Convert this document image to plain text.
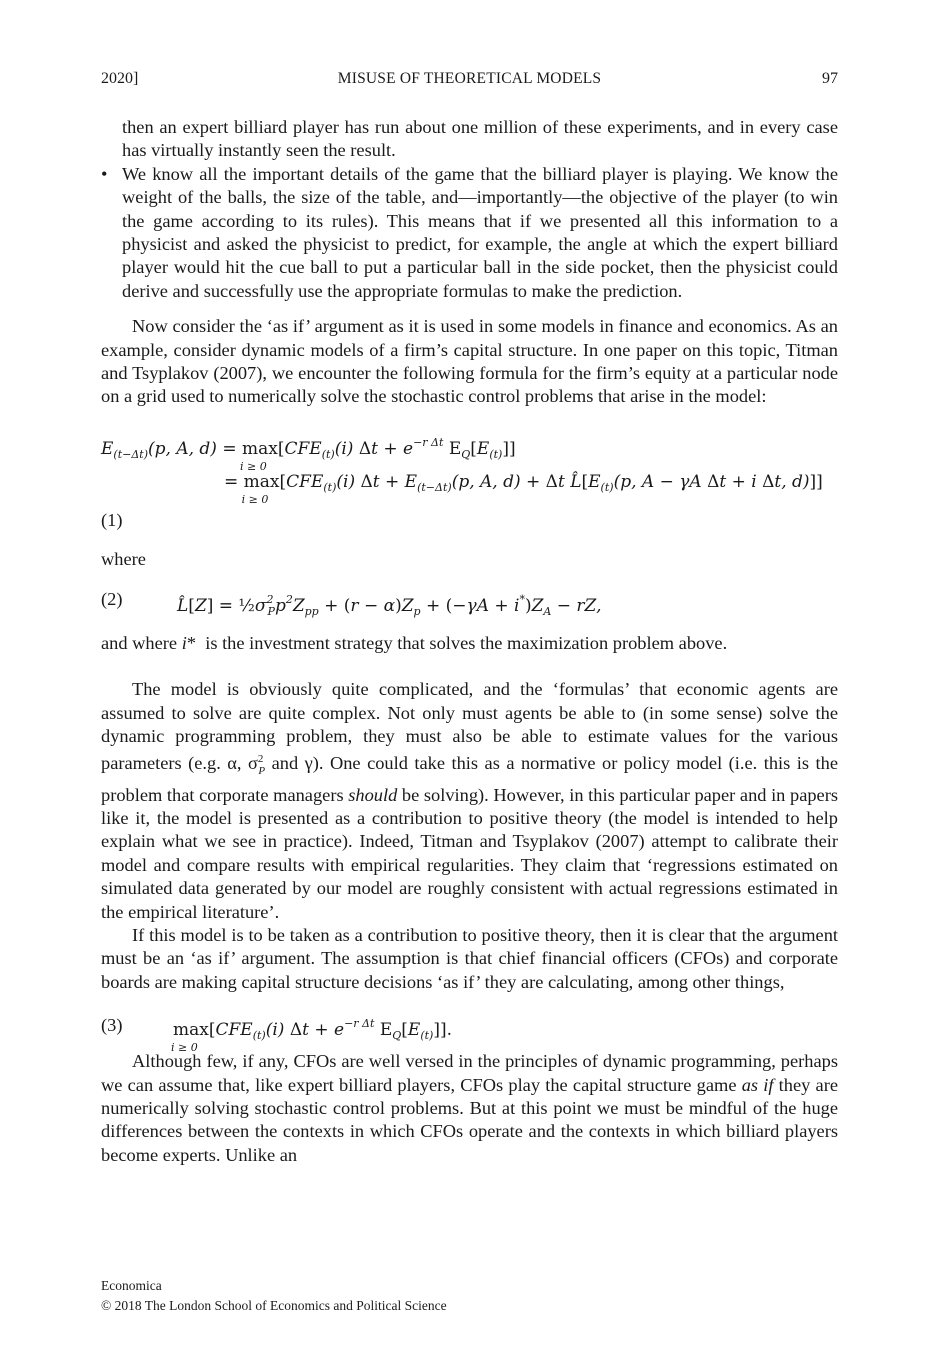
2020]	MISUSE OF THEORETICAL MODELS	97

then an expert billiard player has run about one million of these experiments, and in every case has virtually instantly seen the result.

• We know all the important details of the game that the billiard player is playing. We know the weight of the balls, the size of the table, and—importantly—the objective of the player (to win the game according to its rules). This means that if we presented all this information to a physicist and asked the physicist to predict, for example, the angle at which the expert billiard player would hit the cue ball to put a particular ball in the side pocket, then the physicist could derive and successfully use the appropriate formulas to make the prediction.

Now consider the ‘as if’ argument as it is used in some models in finance and economics. As an example, consider dynamic models of a firm’s capital structure. In one paper on this topic, Titman and Tsyplakov (2007), we encounter the following formula for the firm’s equity at a particular node on a grid used to numerically solve the stochastic control problems that arise in the model:

$E_{(t-\Delta t)}(p$, A, d) = max
i ≥ 0
[$CFE_{(t)}(i) \Delta t + e^{-r \Delta t}$ $E_Q[E_{(t)}]$]
= max
i ≥ 0
[$CFE_{(t)}(i) \Delta t + E_{(t-\Delta t)}(p$, A, d) + Δt $L̂[E_{(t)}(p$, A − γA Δt + i Δt, d)]]
(1)
where
(2)	L̂[Z] = $\frac{1}{2}\sigma^2_Pp^2Z_{pp} + (r - \alpha)Z_p + (-\gamma A + i^*)Z_A$ − rZ,

and where i*  is the investment strategy that solves the maximization problem above.

The model is obviously quite complicated, and the ‘formulas’ that economic agents are assumed to solve are quite complex. Not only must agents be able to (in some sense) solve the dynamic programming problem, they must also be able to estimate values for the various parameters (e.g. α, $\sigma^2_P$ and γ). One could take this as a normative or policy model (i.e. this is the problem that corporate managers should be solving). However, in this particular paper and in papers like it, the model is presented as a contribution to positive theory (the model is intended to help explain what we see in practice). Indeed, Titman and Tsyplakov (2007) attempt to calibrate their model and compare results with empirical regularities. They claim that ‘regressions estimated on simulated data generated by our model are roughly consistent with actual regressions estimated in the empirical literature’.

If this model is to be taken as a contribution to positive theory, then it is clear that the argument must be an ‘as if’ argument. The assumption is that chief financial officers (CFOs) and corporate boards are making capital structure decisions ‘as if’ they are calculating, among other things,

(3)	max
i ≥ 0
[$CFE_{(t)}(i) \Delta t + e^{-r \Delta t}$ $E_Q[E_{(t)}]$].

Although few, if any, CFOs are well versed in the principles of dynamic programming, perhaps we can assume that, like expert billiard players, CFOs play the capital structure game as if they are numerically solving stochastic control problems. But at this point we must be mindful of the huge differences between the contexts in which CFOs operate and the contexts in which billiard players become experts. Unlike an

Economica
© 2018 The London School of Economics and Political Science
